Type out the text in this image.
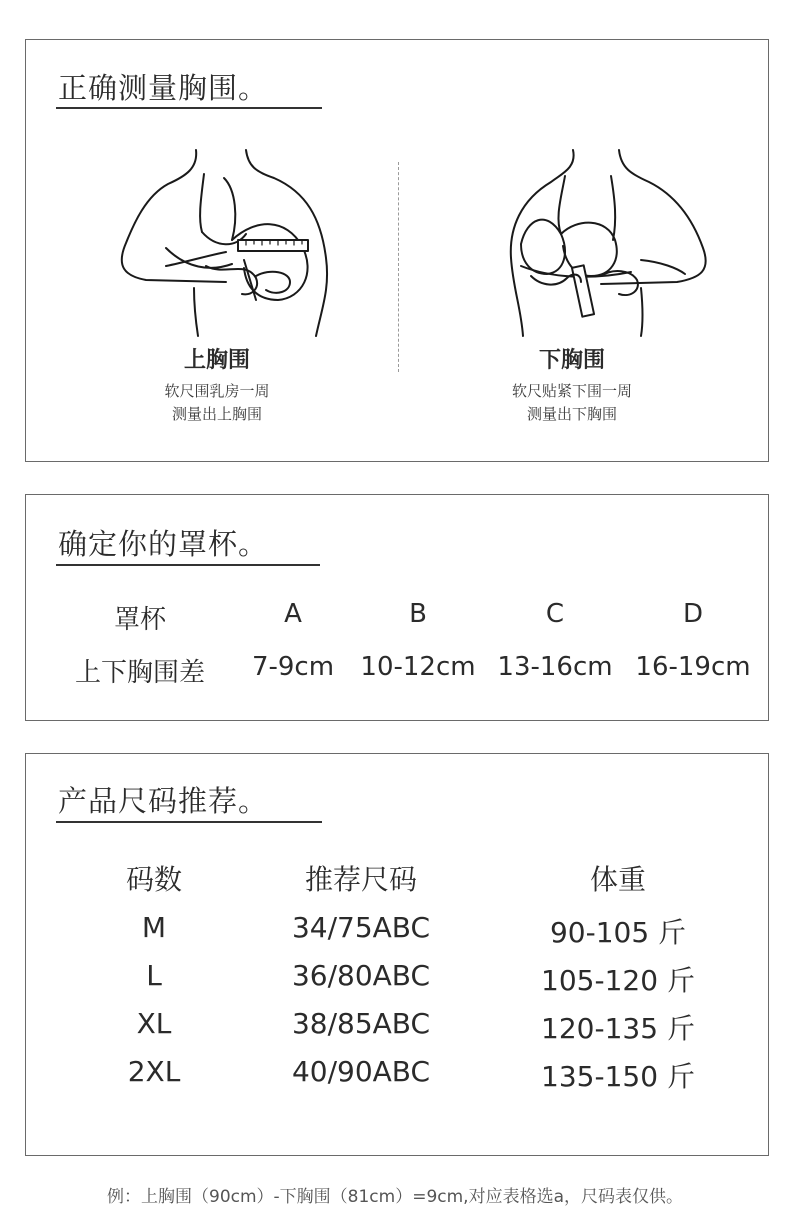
正确测量胸围。
上胸围
软尺围乳房一周
测量出上胸围
下胸围
软尺贴紧下围一周
测量出下胸围
确定你的罩杯。
罩杯	A	B	C	D
上下胸围差 7-9cm 10-12cm 13-16cm 16-19cm
产品尺码推荐。
码数	推荐尺码	体重
M	34/75ABC	90-105 斤
L	36/80ABC	105-120 斤
XL	38/85ABC	120-135 斤
2XL	40/90ABC	135-150 斤
例：上胸围（90cm）-下胸围（81cm）=9cm,对应表格选a，尺码表仅供。
